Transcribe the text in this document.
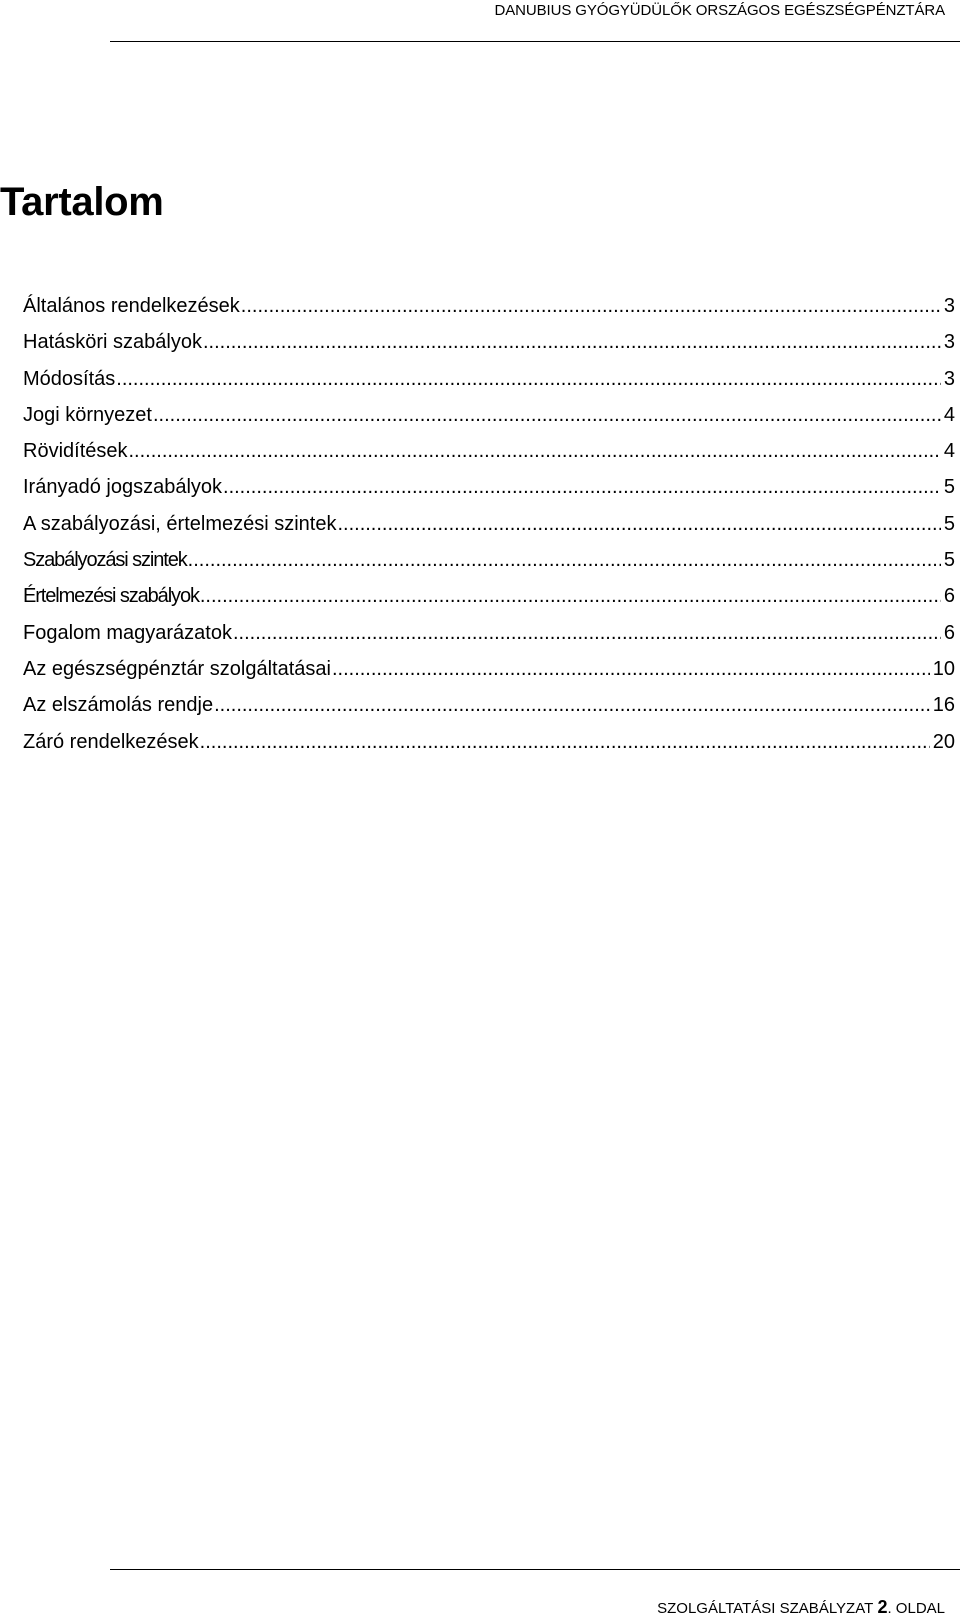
DANUBIUS GYÓGYÜDÜLŐK ORSZÁGOS EGÉSZSÉGPÉNZTÁRA
Tartalom
Általános rendelkezések .....	3
Hatásköri szabályok .....	3
Módosítás .....	3
Jogi környezet .....	4
Rövidítések .....	4
Irányadó jogszabályok .....	5
A szabályozási, értelmezési szintek .....	5
Szabályozási szintek .....	5
Értelmezési szabályok .....	6
Fogalom magyarázatok .....	6
Az egészségpénztár szolgáltatásai .....	10
Az elszámolás rendje .....	16
Záró rendelkezések .....	20
SZOLGÁLTATÁSI SZABÁLYZAT 2. OLDAL
